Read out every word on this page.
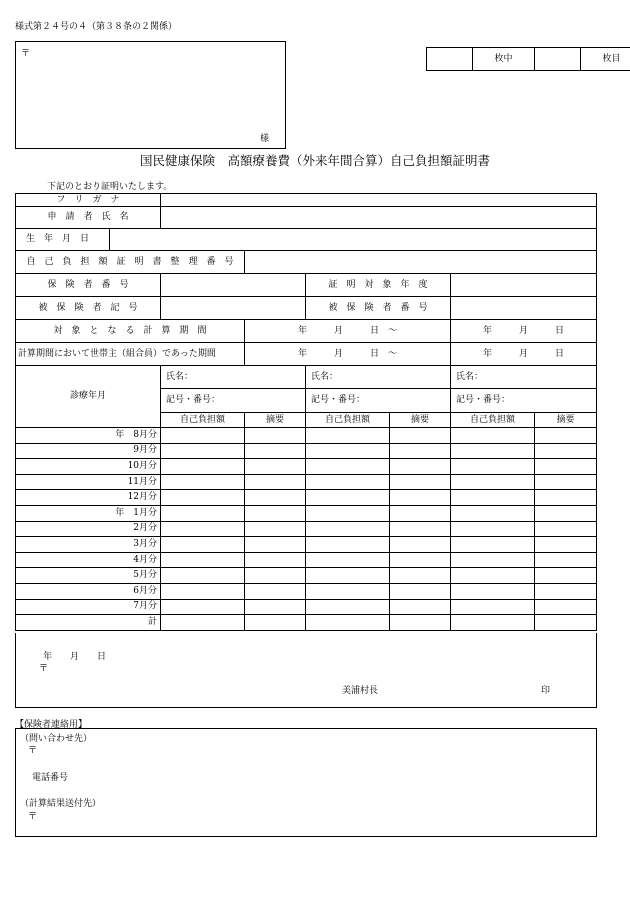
様式第２４号の４（第３８条の２関係）
〒
様
	枚中		枚目
国民健康保険　高額療養費（外来年間合算）自己負担額証明書
下記のとおり証明いたします。
フ　リ　ガ　ナ							
申　請　者　氏　名							
生　年　月　日							
自　己　負　担　額　証　明　書　整　理　番　号							
保　険　者　番　号				証　明　対　象　年　度			
被　保　険　者　記　号				被　保　険　者　番　号			
対　象　と　な　る　計　算　期　間			年　　　月　　　日　～			年　　　月　　　日	
計算期間において世帯主（組合員）であった期間			年　　　月　　　日　～			年　　　月　　　日	
診療年月		氏名：		氏名：		氏名：	
		記号・番号：		記号・番号：		記号・番号：	
		自己負担額	摘要	自己負担額	摘要	自己負担額	摘要
年　8月分							
9月分							
10月分							
11月分							
12月分							
年　1月分							
2月分							
3月分							
4月分							
5月分							
6月分							
7月分							
計							
年　　月　　日
〒
美浦村長	印
【保険者連絡用】
（問い合わせ先）
〒
電話番号
（計算結果送付先）
〒
